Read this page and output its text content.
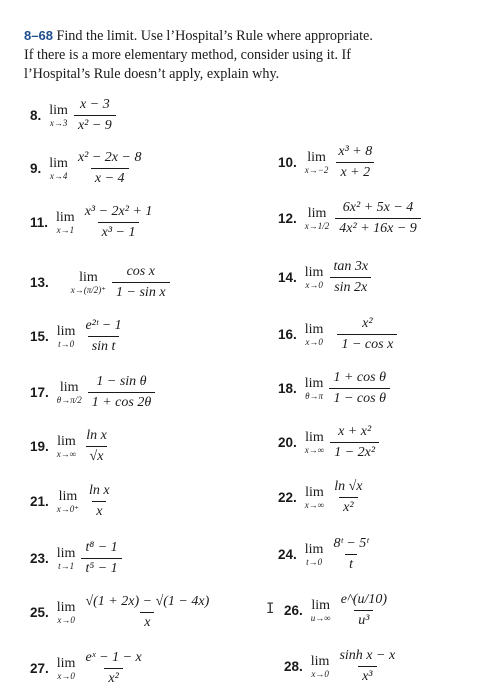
8–68 Find the limit. Use l’Hospital’s Rule where appropriate.
If there is a more elementary method, consider using it. If
l’Hospital’s Rule doesn’t apply, explain why.
8. lim
$x\to 3 \frac{x - 3}{\text{x² − 9}}$
9. lim
$x\to 4 \frac{\text{x² − 2x − 8}}{x - 4}$	10. lim
$x\to-2 \frac{\text{x³ + 8}}{x + 2}$
11. lim
$x\to 1 \frac{\text{x³ − 2x² + 1}}{\text{x³ − 1}}$	12. lim
$x\to 1/2 \frac{\text{6x² + 5x − 4}}{\text{4x² + 16x − 9}}$
13. lim
$x\to(\pi/2)^+ \frac{\text{cos x}}{\text{1 − sin x}}$	14. lim
$x\to 0 \frac{\tan 3x}{\sin 2x}$
15. lim
$t\to 0 \frac{\text{e²ᵗ − 1}}{\text{sin t}}$	16. lim
$x\to 0 \frac{\text{x²}}{\text{1 − cos x}}$
17. lim
$\theta\to\pi/2 \frac{\text{1 − sin θ}}{1 + \cos 2\theta}$	18. lim
$\theta\to\pi \frac{\text{1 + cos θ}}{\text{1 − cos θ}}$
19. lim
$x\to\infty \frac{\text{ln x}}{√x}$	20. lim
$x\to\infty \frac{\text{x + x²}}{\text{1 − 2x²}}$
21. lim
$x\to 0^+ \frac{\text{ln x}}{x}$	22. lim
$x\to\infty \frac{\ln √x}{\text{x²}}$
23. lim
$t\to 1 \frac{\text{t⁸ − 1}}{\text{t⁵ − 1}}$	24. lim
$t\to 0 \frac{\text{8ᵗ − 5ᵗ}}{t}$
25. lim
$x\to 0 \frac{√(1 + 2x) - √(1 - 4x)}{x}$	I 26. lim
$u\to\infty \frac{e\^{}(u/10)}{\text{u³}}$
27. lim
$x\to 0 \frac{\text{eˣ − 1 − x}}{\text{x²}}$	28. lim
$x\to 0 \frac{\text{sinh x − x}}{\text{x³}}$
